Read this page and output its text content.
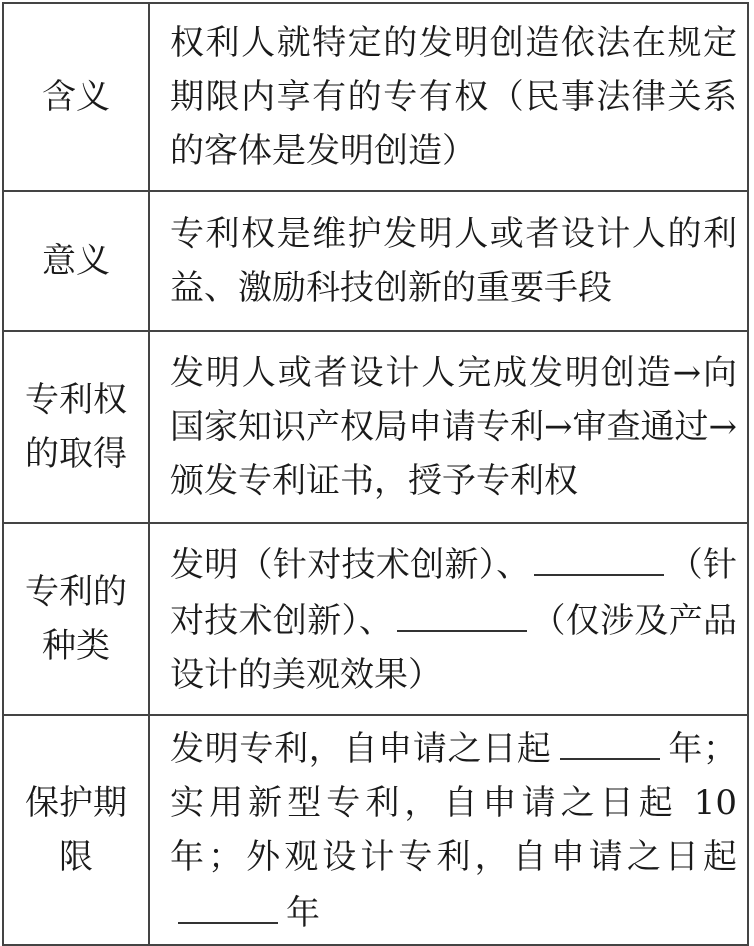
含义	权利人就特定的发明创造依法在规定期限内享有的专有权（民事法律关系的客体是发明创造）
意义	专利权是维护发明人或者设计人的利益、激励科技创新的重要手段
专利权的取得	发明人或者设计人完成发明创造→向国家知识产权局申请专利→审查通过→颁发专利证书，授予专利权
专利的种类	发明（针对技术创新）、 （针对技术创新）、 （仅涉及产品设计的美观效果）
保护期限	发明专利，自申请之日起 年；实用新型专利，自申请之日起 10 年；外观设计专利，自申请之日起年
